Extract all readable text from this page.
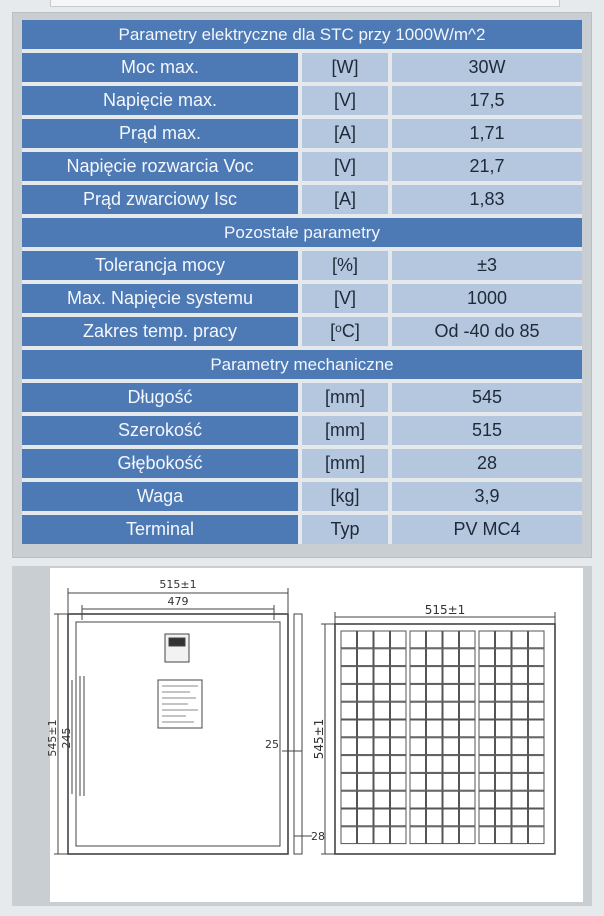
Parametry elektryczne dla STC przy 1000W/m^2		
Moc max.	[W]	30W
Napięcie max.	[V]	17,5
Prąd max.	[A]	1,71
Napięcie rozwarcia Voc	[V]	21,7
Prąd zwarciowy Isc	[A]	1,83
Pozostałe parametry		
Tolerancja mocy	[%]	±3
Max. Napięcie systemu	[V]	1000
Zakres temp. pracy	[$^o$C]	Od -40 do 85
Parametry mechaniczne		
Długość	[mm]	545
Szerokość	[mm]	515
Głębokość	[mm]	28
Waga	[kg]	3,9
Terminal	Typ	PV MC4
515±1
479
545±1 245	25
28
515±1
545±1
